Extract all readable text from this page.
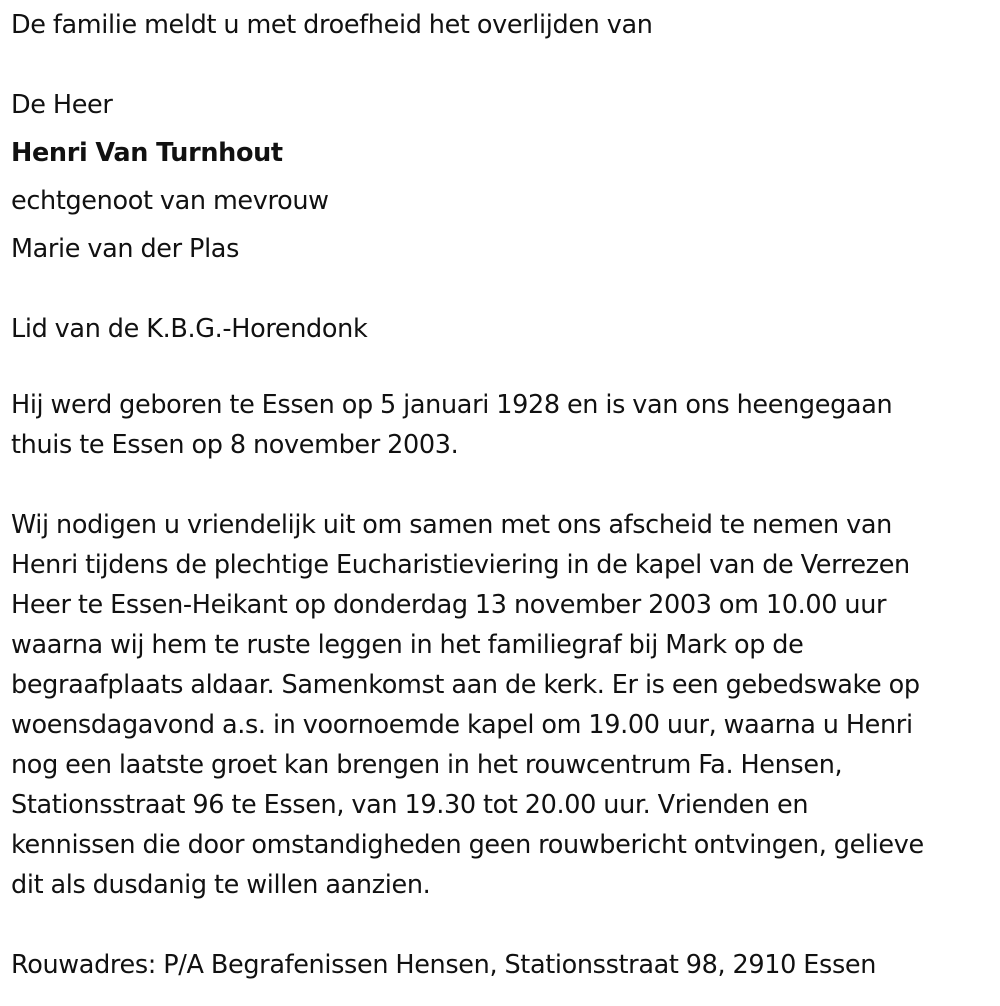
De familie meldt u met droefheid het overlijden van
De Heer
Henri Van Turnhout
echtgenoot van mevrouw
Marie van der Plas
Lid van de K.B.G.-Horendonk
Hij werd geboren te Essen op 5 januari 1928 en is van ons heengegaan
thuis te Essen op 8 november 2003.
Wij nodigen u vriendelijk uit om samen met ons afscheid te nemen van
Henri tijdens de plechtige Eucharistieviering in de kapel van de Verrezen
Heer te Essen-Heikant op donderdag 13 november 2003 om 10.00 uur
waarna wij hem te ruste leggen in het familiegraf bij Mark op de
begraafplaats aldaar. Samenkomst aan de kerk. Er is een gebedswake op
woensdagavond a.s. in voornoemde kapel om 19.00 uur, waarna u Henri
nog een laatste groet kan brengen in het rouwcentrum Fa. Hensen,
Stationsstraat 96 te Essen, van 19.30 tot 20.00 uur. Vrienden en
kennissen die door omstandigheden geen rouwbericht ontvingen, gelieve
dit als dusdanig te willen aanzien.
Rouwadres: P/A Begrafenissen Hensen, Stationsstraat 98, 2910 Essen
